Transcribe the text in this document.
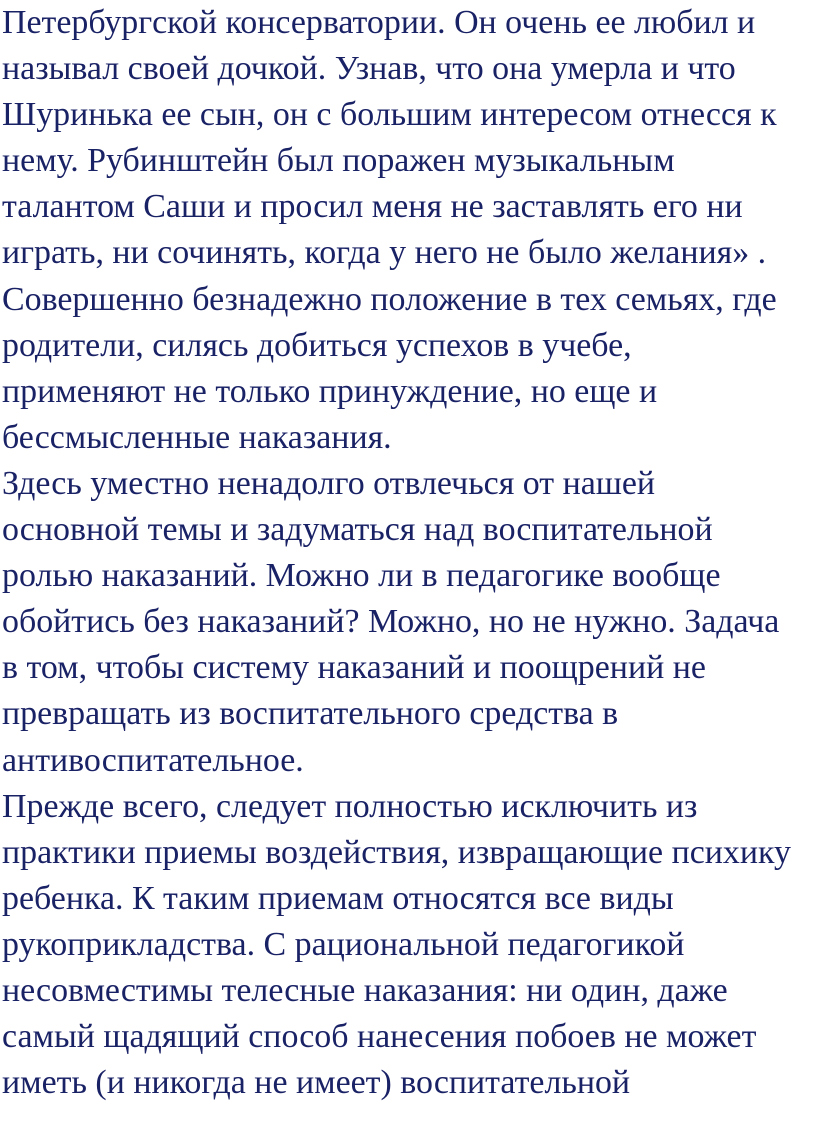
Петербургской консерватории. Он очень ее любил и
называл своей дочкой. Узнав, что она умерла и что
Шуринька ее сын, он с большим интересом отнесся к
нему. Рубинштейн был поражен музыкальным
талантом Саши и просил меня не заставлять его ни
играть, ни сочинять, когда у него не было желания» .
Совершенно безнадежно положение в тех семьях, где
родители, силясь добиться успехов в учебе,
применяют не только принуждение, но еще и
бессмысленные наказания.
Здесь уместно ненадолго отвлечься от нашей
основной темы и задуматься над воспитательной
ролью наказаний. Можно ли в педагогике вообще
обойтись без наказаний? Можно, но не нужно. Задача
в том, чтобы систему наказаний и поощрений не
превращать из воспитательного средства в
антивоспитательное.
Прежде всего, следует полностью исключить из
практики приемы воздействия, извращающие психику
ребенка. К таким приемам относятся все виды
рукоприкладства. С рациональной педагогикой
несовместимы телесные наказания: ни один, даже
самый щадящий способ нанесения побоев не может
иметь (и никогда не имеет) воспитательной
